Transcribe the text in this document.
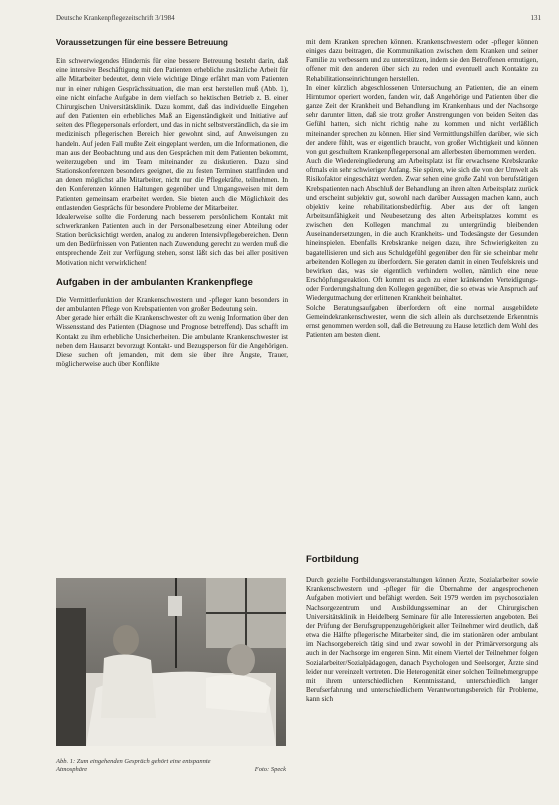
Deutsche Krankenpflegezeitschrift 3/1984	131
Voraussetzungen für eine bessere Betreuung

Ein schwerwiegendes Hindernis für eine bessere Betreuung besteht darin, daß eine intensive Beschäftigung mit den Patienten erhebliche zusätzliche Arbeit für alle Mitarbeiter bedeutet, denn viele wichtige Dinge erfährt man vom Patienten nur in einer ruhigen Gesprächssituation, die man erst herstellen muß (Abb. 1), eine nicht einfache Aufgabe in dem vielfach so hektischen Betrieb z. B. einer Chirurgischen Universitätsklinik. Dazu kommt, daß das individuelle Eingehen auf den Patienten ein erhebliches Maß an Eigenständigkeit und Initiative auf seiten des Pflegepersonals erfordert, und das in nicht selbstverständlich, da sie im medizinisch pflegerischen Bereich hier gewohnt sind, auf Anweisungen zu handeln. Auf jeden Fall mußte Zeit eingeplant werden, um die Informationen, die man aus der Beobachtung und aus den Gesprächen mit dem Patienten bekommt, weiterzugeben und im Team miteinander zu diskutieren. Dazu sind Stationskonferenzen besonders geeignet, die zu festen Terminen stattfinden und an denen möglichst alle Mitarbeiter, nicht nur die Pflegekräfte, teilnehmen. In den Konferenzen können Haltungen gegenüber und Umgangsweisen mit dem Patienten gemeinsam erarbeitet werden. Sie bieten auch die Möglichkeit des entlastenden Gesprächs für besondere Probleme der Mitarbeiter.

Idealerweise sollte die Forderung nach besserem persönlichem Kontakt mit schwerkranken Patienten auch in der Personalbesetzung einer Abteilung oder Station berücksichtigt werden, analog zu anderen Intensivpflegebereichen. Denn um den Bedürfnissen von Patienten nach Zuwendung gerecht zu werden muß die entsprechende Zeit zur Verfügung stehen, sonst läßt sich das bei aller positiven Motivation nicht verwirklichen!

Aufgaben in der ambulanten Krankenpflege

Die Vermittlerfunktion der Krankenschwestern und -pfleger kann besonders in der ambulanten Pflege von Krebspatienten von großer Bedeutung sein.

Aber gerade hier erhält die Krankenschwester oft zu wenig Information über den Wissensstand des Patienten (Diagnose und Prognose betreffend). Das schafft im Kontakt zu ihm erhebliche Unsicherheiten. Die ambulante Krankenschwester ist neben dem Hausarzt bevorzugt Kontakt- und Bezugsperson für die Angehörigen. Diese suchen oft jemanden, mit dem sie über ihre Ängste, Trauer, möglicherweise auch über Konflikte

mit dem Kranken sprechen können. Krankenschwestern oder -pfleger können einiges dazu beitragen, die Kommunikation zwischen dem Kranken und seiner Familie zu verbessern und zu unterstützen, indem sie den Betroffenen ermutigen, offener mit den anderen über sich zu reden und eventuell auch Kontakte zu Rehabilitationseinrichtungen herstellen.

In einer kürzlich abgeschlossenen Untersuchung an Patienten, die an einem Hirntumor operiert worden, fanden wir, daß Angehörige und Patienten über die ganze Zeit der Krankheit und Behandlung im Krankenhaus und der Nachsorge sehr darunter litten, daß sie trotz großer Anstrengungen von beiden Seiten das Gefühl hatten, sich nicht richtig nahe zu kommen und nicht verläßlich miteinander sprechen zu können. Hier sind Vermittlungshilfen darüber, wie sich der andere fühlt, was er eigentlich braucht, von großer Wichtigkeit und können von gut geschultem Krankenpflegepersonal am allerbesten übernommen werden.

Auch die Wiedereingliederung am Arbeitsplatz ist für erwachsene Krebskranke oftmals ein sehr schwieriger Anfang. Sie spüren, wie sich die von der Umwelt als Risikofaktor eingeschätzt werden. Zwar sehen eine große Zahl von berufstätigen Krebspatienten nach Abschluß der Behandlung an ihren alten Arbeitsplatz zurück und erscheint subjektiv gut, sowohl nach darüber Aussagen machen kann, auch objektiv keine rehabilitationsbedürftig. Aber aus der oft langen Arbeitsunfähigkeit und Neubesetzung des alten Arbeitsplatzes kommt es zwischen den Kollegen manchmal zu untergründig bleibenden Auseinandersetzungen, in die auch Krankheits- und Todesängste der Gesunden hineinspielen. Ebenfalls Krebskranke neigen dazu, ihre Schwierigkeiten zu bagatellisieren und sich aus Schuldgefühl gegenüber den für sie scheinbar mehr arbeitenden Kollegen zu überfordern. Sie geraten damit in einen Teufelskreis und bewirken das, was sie eigentlich verhindern wollen, nämlich eine neue Erschöpfungsreaktion. Oft kommt es auch zu einer kränkenden Verteidigungs- oder Forderungshaltung den Kollegen gegenüber, die so etwas wie Anspruch auf Wiedergutmachung der erlittenen Krankheit beinhaltet.

Solche Beratungsaufgaben überfordern oft eine normal ausgebildete Gemeindekrankenschwester, wenn die sich allein als durchsetzende Erkenntnis ernst genommen werden soll, daß die Betreuung zu Hause letztlich dem Wohl des Patienten am besten dient.

Fortbildung

Durch gezielte Fortbildungsveranstaltungen können Ärzte, Sozialarbeiter sowie Krankenschwestern und -pfleger für die Übernahme der angesprochenen Aufgaben motiviert und befähigt werden. Seit 1979 werden im psychosozialen Nachsorgezentrum und Ausbildungsseminar an der Chirurgischen Universitätsklinik in Heidelberg Seminare für alle Interessierten angeboten. Bei der Prüfung der Berufsgruppenzugehörigkeit aller Teilnehmer wird deutlich, daß etwa die Hälfte pflegerische Mitarbeiter sind, die im stationären oder ambulant im Nachsorgebereich tätig sind und zwar sowohl in der Primärversorgung als auch in der Nachsorge im engeren Sinn. Mit einem Viertel der Teilnehmer folgen Sozialarbeiter/Sozialpädagogen, danach Psychologen und Seelsorger, Ärzte sind leider nur vereinzelt vertreten. Die Heterogenität einer solchen Teilnehmergruppe mit ihrem unterschiedlichen Kenntnisstand, unterschiedlich langer Berufserfahrung und unterschiedlichem Verantwortungsbereich für Probleme, kann sich

Abb. 1: Zum eingehenden Gespräch gehört eine entspannte Atmosphäre	Foto: Speck
